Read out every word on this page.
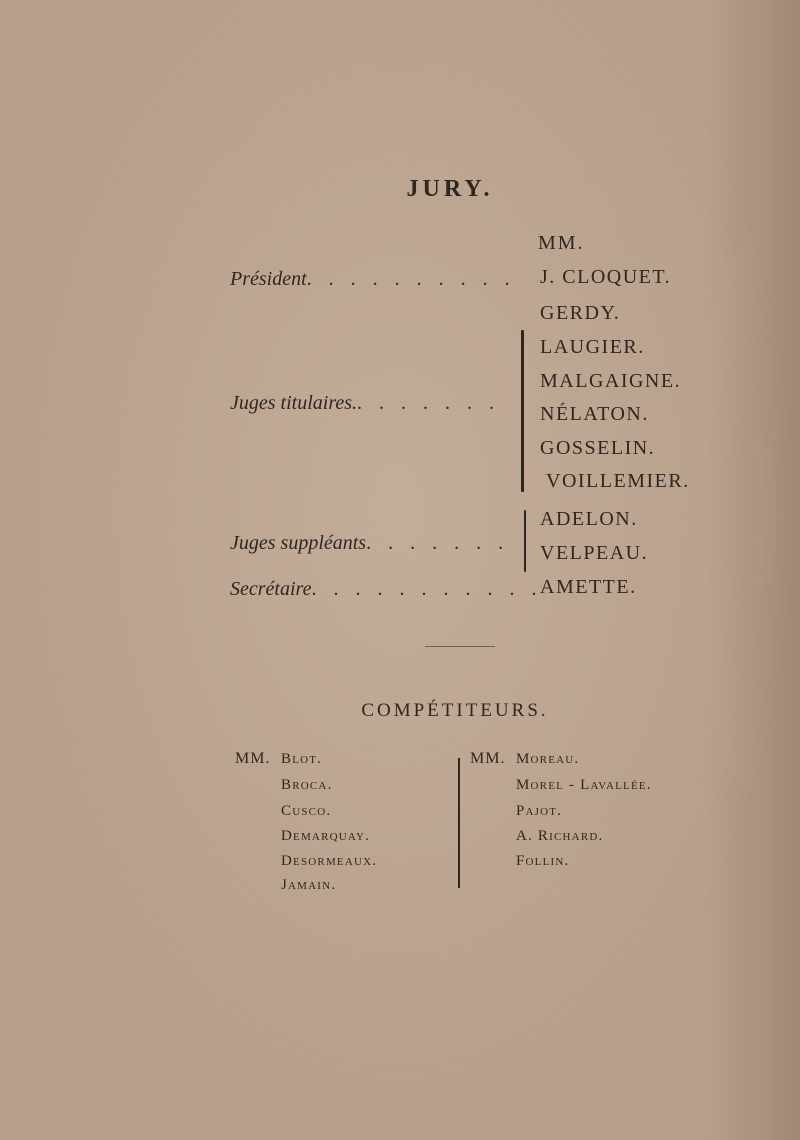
JURY.
MM.
Président. . . . . . . . . . J. CLOQUET.
Juges titulaires.. . . . . . .
GERDY.
LAUGIER.
MALGAIGNE.
NÉLATON.
GOSSELIN.
VOILLEMIER.
Juges suppléants. . . . . . .
ADELON.
VELPEAU.
Secrétaire. . . . . . . . . . .
AMETTE.
COMPÉTITEURS.
MM. Blot.
Broca.
Cusco.
Demarquay.
Desormeaux.
Jamain.
MM. Moreau.
Morel - Lavallée.
Pajot.
A. Richard.
Follin.
